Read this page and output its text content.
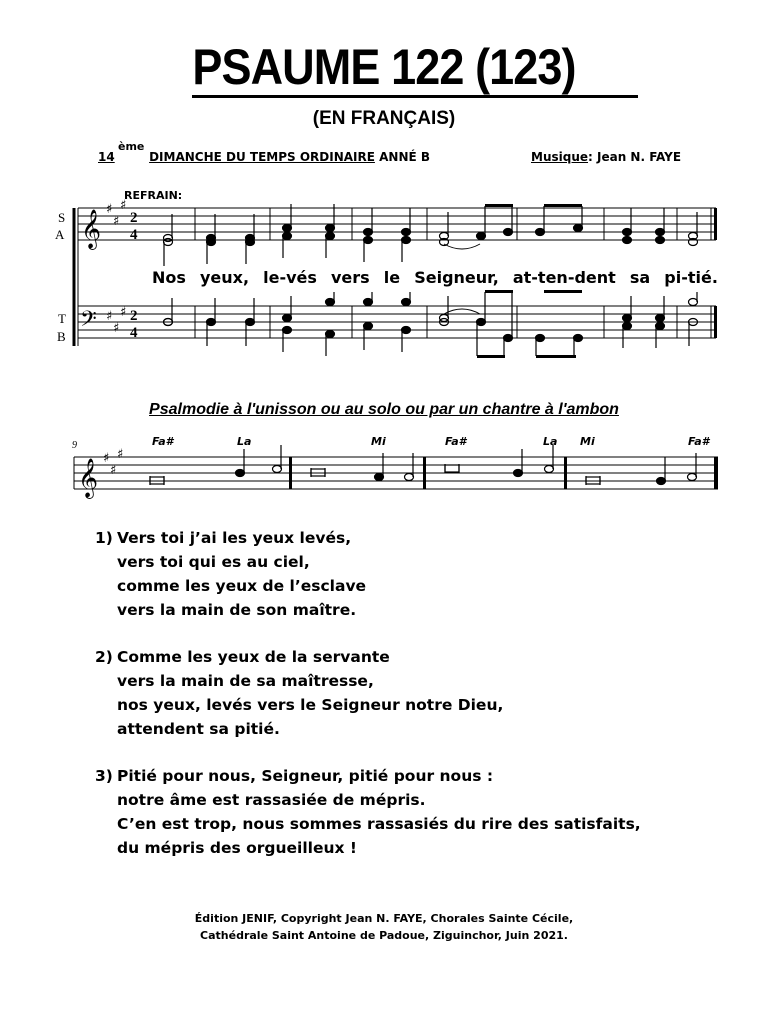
PSAUME 122 (123)
(EN FRANÇAIS)
14
ème
DIMANCHE DU TEMPS ORDINAIRE ANNÉ B	Musique: Jean N. FAYE
REFRAIN:
S
A
T
B
𝄞
𝄢
♯
♯
♯
♯
♯
♯
2
4
2
4
9
𝄞 ♯
♯
♯
Nos yeux, le-vés vers le Seigneur, at-ten-dent sa pi-tié.
Psalmodie à l'unisson ou au solo ou par un chantre à l'ambon
Fa#	La	Mi	Fa#	La Mi	Fa#
1) Vers toi j’ai les yeux levés,
vers toi qui es au ciel,
comme les yeux de l’esclave
vers la main de son maître.
2) Comme les yeux de la servante
vers la main de sa maîtresse,
nos yeux, levés vers le Seigneur notre Dieu,
attendent sa pitié.
3) Pitié pour nous, Seigneur, pitié pour nous :
notre âme est rassasiée de mépris.
C’en est trop, nous sommes rassasiés du rire des satisfaits,
du mépris des orgueilleux !
Édition JENIF, Copyright Jean N. FAYE, Chorales Sainte Cécile,
Cathédrale Saint Antoine de Padoue, Ziguinchor, Juin 2021.
